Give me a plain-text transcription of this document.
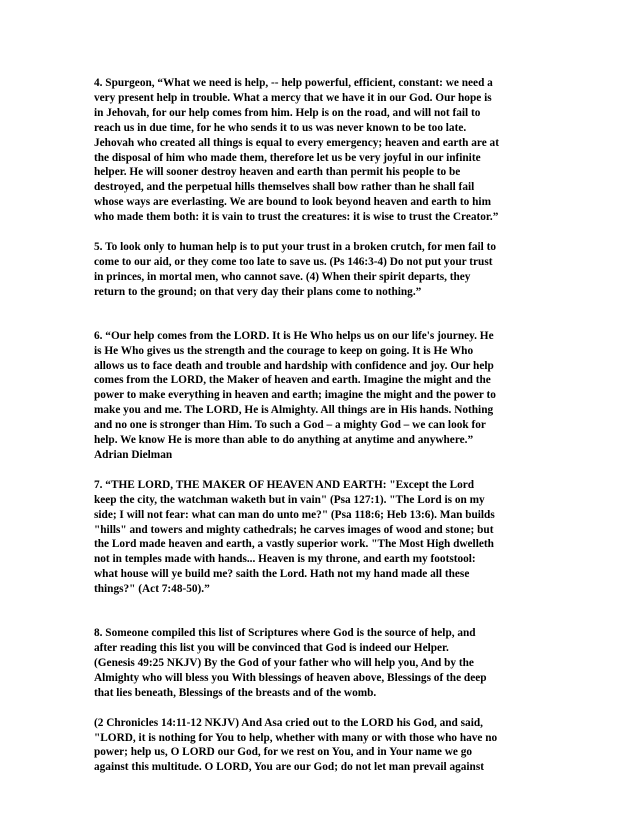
4. Spurgeon, “What we need is help, -- help powerful, efficient, constant: we need a
very present help in trouble. What a mercy that we have it in our God. Our hope is
in Jehovah, for our help comes from him. Help is on the road, and will not fail to
reach us in due time, for he who sends it to us was never known to be too late.
Jehovah who created all things is equal to every emergency; heaven and earth are at
the disposal of him who made them, therefore let us be very joyful in our infinite
helper. He will sooner destroy heaven and earth than permit his people to be
destroyed, and the perpetual hills themselves shall bow rather than he shall fail
whose ways are everlasting. We are bound to look beyond heaven and earth to him
who made them both: it is vain to trust the creatures: it is wise to trust the Creator.”

5. To look only to human help is to put your trust in a broken crutch, for men fail to
come to our aid, or they come too late to save us. (Ps 146:3-4) Do not put your trust
in princes, in mortal men, who cannot save. (4) When their spirit departs, they
return to the ground; on that very day their plans come to nothing.”

6. “Our help comes from the LORD. It is He Who helps us on our life's journey. He
is He Who gives us the strength and the courage to keep on going. It is He Who
allows us to face death and trouble and hardship with confidence and joy. Our help
comes from the LORD, the Maker of heaven and earth. Imagine the might and the
power to make everything in heaven and earth; imagine the might and the power to
make you and me. The LORD, He is Almighty. All things are in His hands. Nothing
and no one is stronger than Him. To such a God – a mighty God – we can look for
help. We know He is more than able to do anything at anytime and anywhere.”
Adrian Dielman

7. “THE LORD, THE MAKER OF HEAVEN AND EARTH: "Except the Lord
keep the city, the watchman waketh but in vain" (Psa 127:1). "The Lord is on my
side; I will not fear: what can man do unto me?" (Psa 118:6; Heb 13:6). Man builds
"hills" and towers and mighty cathedrals; he carves images of wood and stone; but
the Lord made heaven and earth, a vastly superior work. "The Most High dwelleth
not in temples made with hands... Heaven is my throne, and earth my footstool:
what house will ye build me? saith the Lord. Hath not my hand made all these
things?" (Act 7:48-50).”

8. Someone compiled this list of Scriptures where God is the source of help, and
after reading this list you will be convinced that God is indeed our Helper.
(Genesis 49:25 NKJV) By the God of your father who will help you, And by the
Almighty who will bless you With blessings of heaven above, Blessings of the deep
that lies beneath, Blessings of the breasts and of the womb.

(2 Chronicles 14:11-12 NKJV) And Asa cried out to the LORD his God, and said,
"LORD, it is nothing for You to help, whether with many or with those who have no
power; help us, O LORD our God, for we rest on You, and in Your name we go
against this multitude. O LORD, You are our God; do not let man prevail against
